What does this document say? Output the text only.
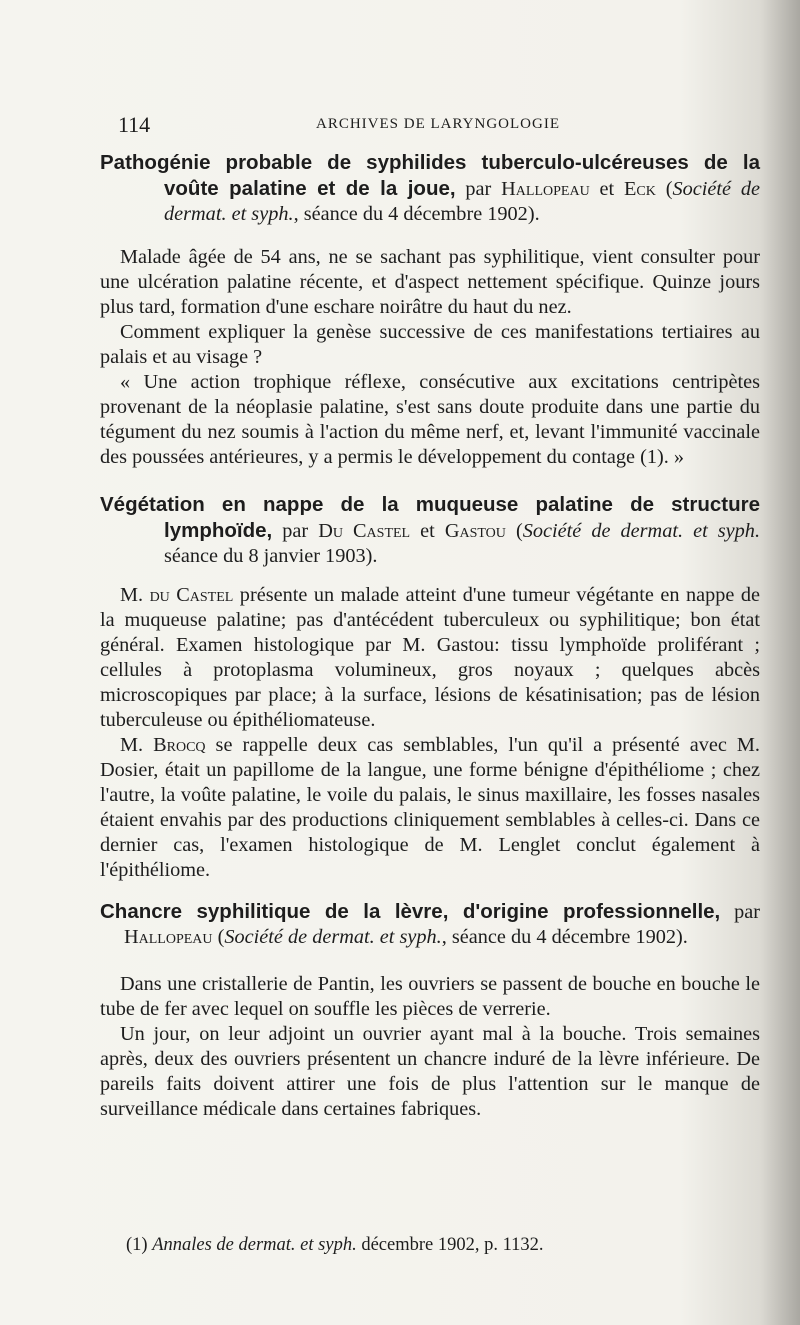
114	ARCHIVES DE LARYNGOLOGIE

Pathogénie probable de syphilides tuberculo-ulcéreuses de la voûte palatine et de la joue, par Hallopeau et Eck (Société de dermat. et syph., séance du 4 décembre 1902).

Malade âgée de 54 ans, ne se sachant pas syphilitique, vient consulter pour une ulcération palatine récente, et d'aspect nettement spécifique. Quinze jours plus tard, formation d'une eschare noirâtre du haut du nez.

Comment expliquer la genèse successive de ces manifestations tertiaires au palais et au visage ?

« Une action trophique réflexe, consécutive aux excitations centripètes provenant de la néoplasie palatine, s'est sans doute produite dans une partie du tégument du nez soumis à l'action du même nerf, et, levant l'immunité vaccinale des poussées antérieures, y a permis le développement du contage (1). »

Végétation en nappe de la muqueuse palatine de structure lymphoïde, par Du Castel et Gastou (Société de dermat. et syph. séance du 8 janvier 1903).

M. du Castel présente un malade atteint d'une tumeur végétante en nappe de la muqueuse palatine; pas d'antécédent tuberculeux ou syphilitique; bon état général. Examen histologique par M. Gastou: tissu lymphoïde proliférant ; cellules à protoplasma volumineux, gros noyaux ; quelques abcès microscopiques par place; à la surface, lésions de késatinisation; pas de lésion tuberculeuse ou épithéliomateuse.

M. Brocq se rappelle deux cas semblables, l'un qu'il a présenté avec M. Dosier, était un papillome de la langue, une forme bénigne d'épithéliome ; chez l'autre, la voûte palatine, le voile du palais, le sinus maxillaire, les fosses nasales étaient envahis par des productions cliniquement semblables à celles-ci. Dans ce dernier cas, l'examen histologique de M. Lenglet conclut également à l'épithéliome.

Chancre syphilitique de la lèvre, d'origine professionnelle, par Hallopeau (Société de dermat. et syph., séance du 4 décembre 1902).

Dans une cristallerie de Pantin, les ouvriers se passent de bouche en bouche le tube de fer avec lequel on souffle les pièces de verrerie.

Un jour, on leur adjoint un ouvrier ayant mal à la bouche. Trois semaines après, deux des ouvriers présentent un chancre induré de la lèvre inférieure. De pareils faits doivent attirer une fois de plus l'attention sur le manque de surveillance médicale dans certaines fabriques.

(1) Annales de dermat. et syph. décembre 1902, p. 1132.
